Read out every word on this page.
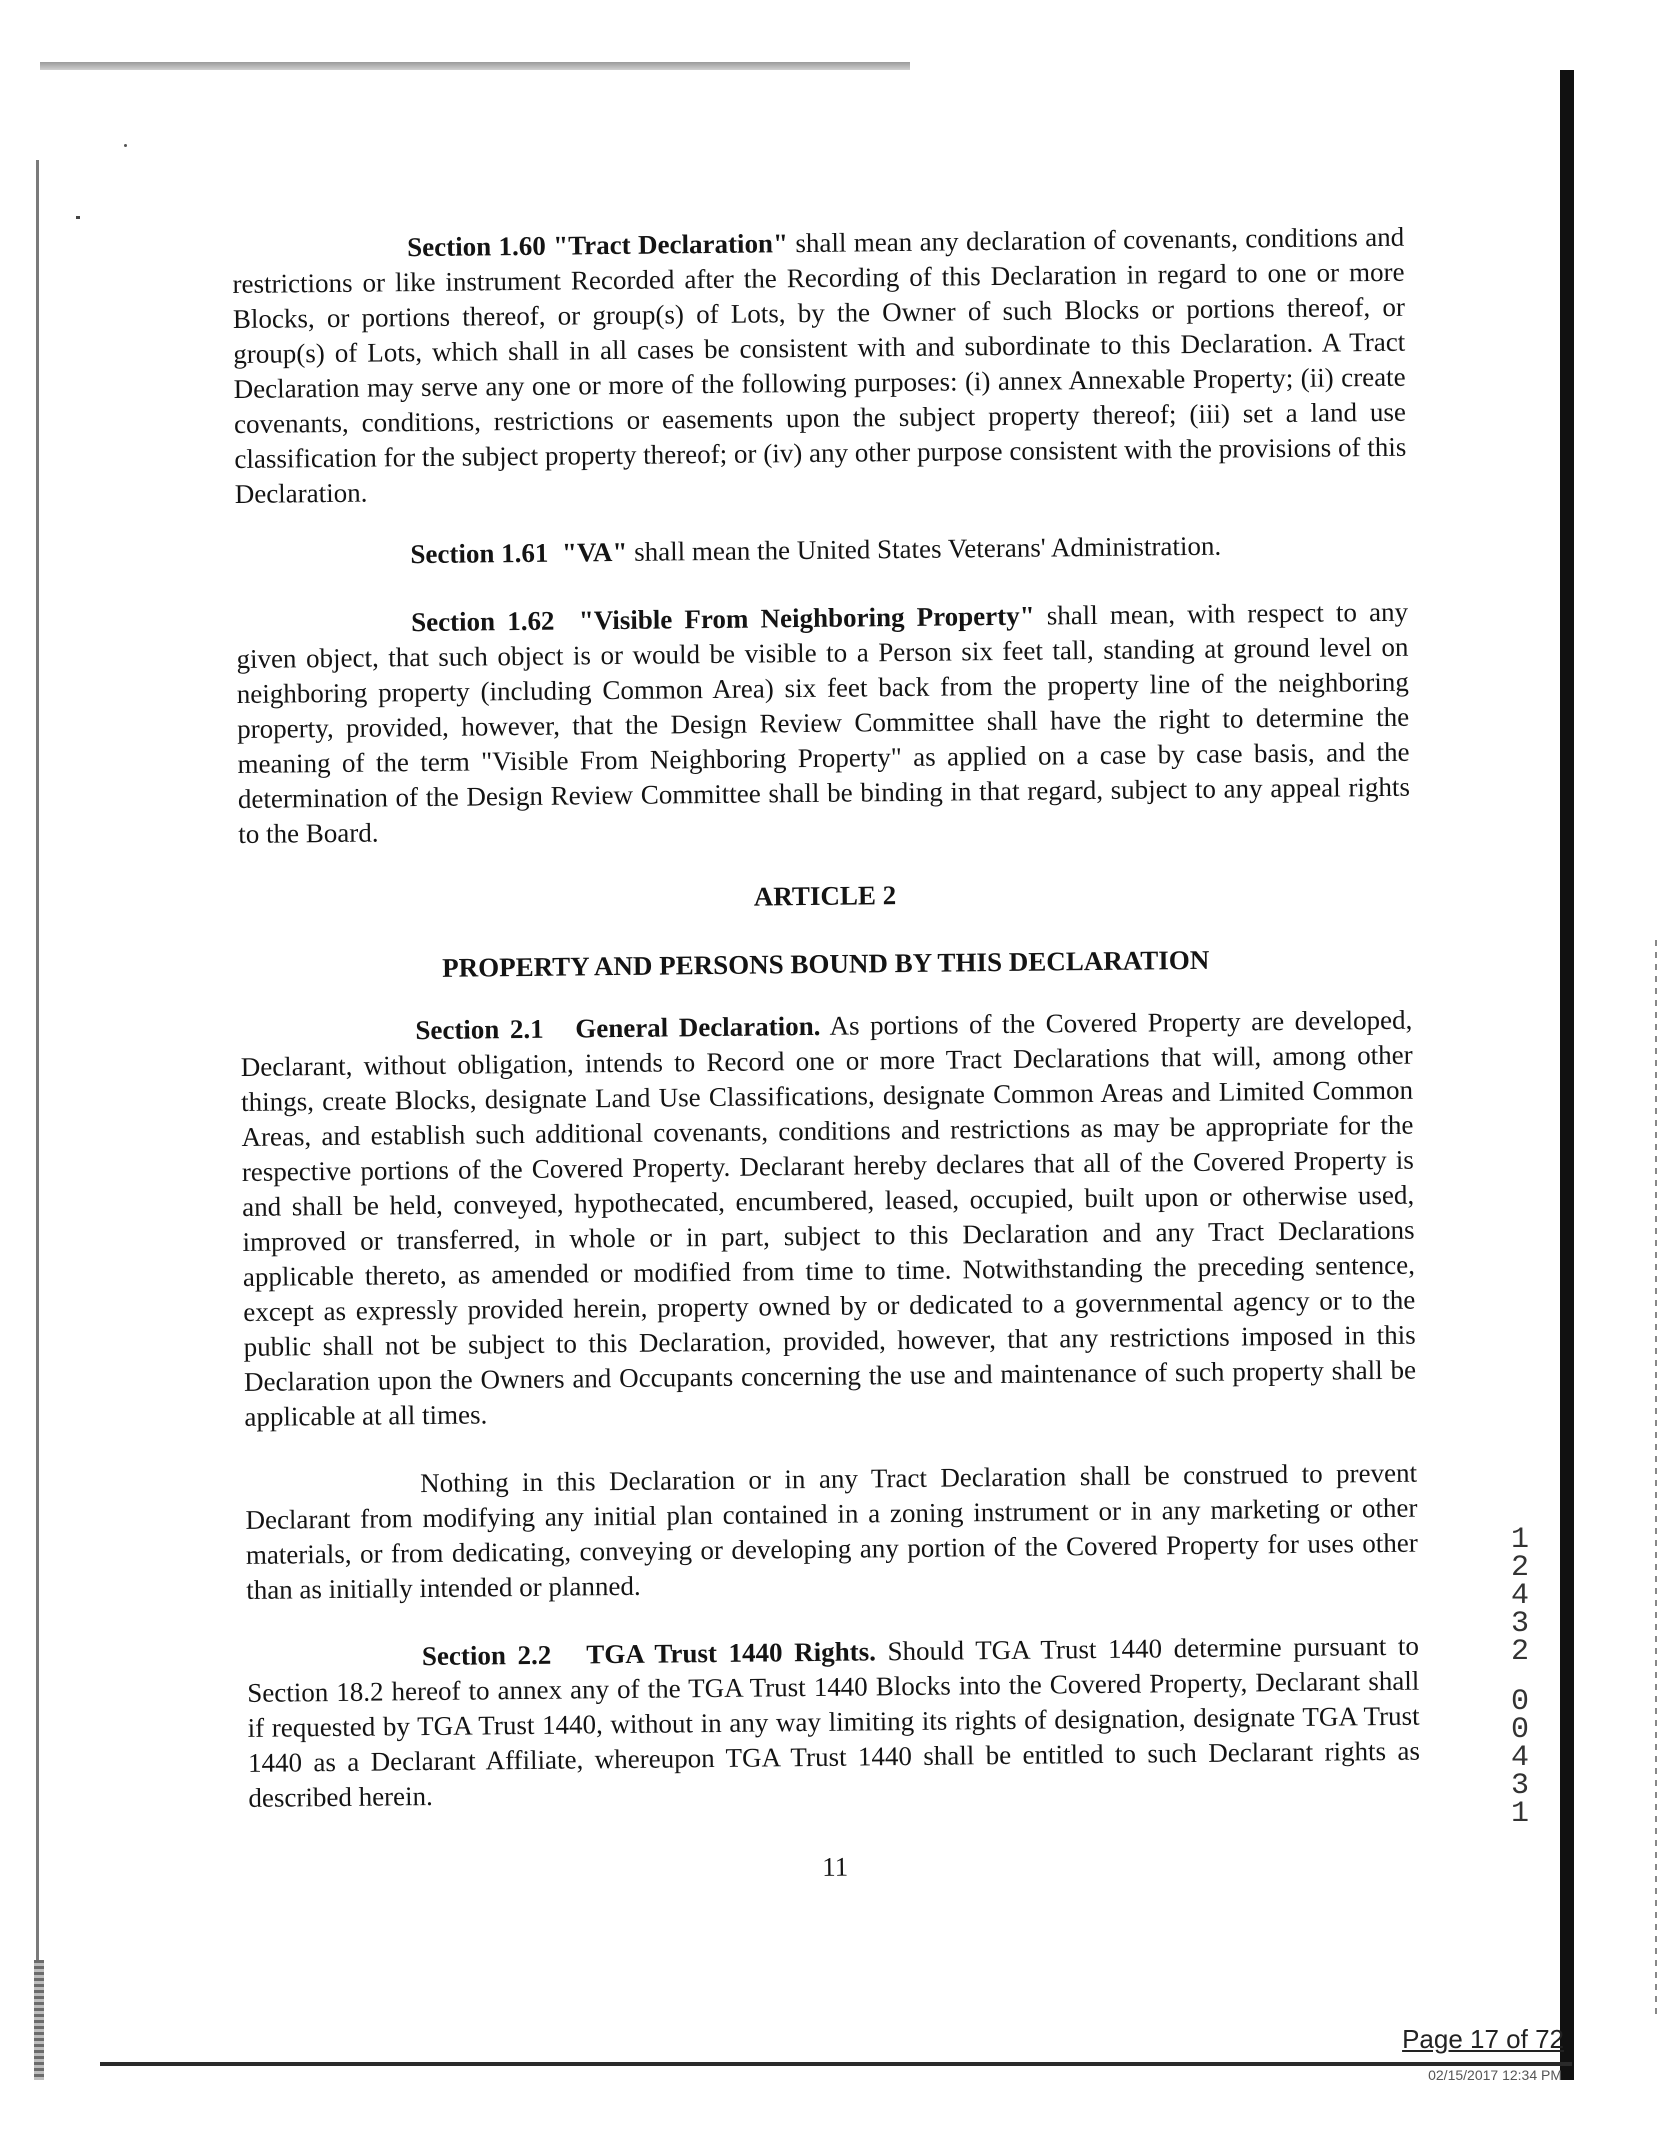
Section 1.60 "Tract Declaration" shall mean any declaration of covenants, conditions and restrictions or like instrument Recorded after the Recording of this Declaration in regard to one or more Blocks, or portions thereof, or group(s) of Lots, by the Owner of such Blocks or portions thereof, or group(s) of Lots, which shall in all cases be consistent with and subordinate to this Declaration. A Tract Declaration may serve any one or more of the following purposes: (i) annex Annexable Property; (ii) create covenants, conditions, restrictions or easements upon the subject property thereof; (iii) set a land use classification for the subject property thereof; or (iv) any other purpose consistent with the provisions of this Declaration.

Section 1.61 "VA" shall mean the United States Veterans' Administration.

Section 1.62 "Visible From Neighboring Property" shall mean, with respect to any given object, that such object is or would be visible to a Person six feet tall, standing at ground level on neighboring property (including Common Area) six feet back from the property line of the neighboring property, provided, however, that the Design Review Committee shall have the right to determine the meaning of the term "Visible From Neighboring Property" as applied on a case by case basis, and the determination of the Design Review Committee shall be binding in that regard, subject to any appeal rights to the Board.

ARTICLE 2

PROPERTY AND PERSONS BOUND BY THIS DECLARATION

Section 2.1 General Declaration. As portions of the Covered Property are developed, Declarant, without obligation, intends to Record one or more Tract Declarations that will, among other things, create Blocks, designate Land Use Classifications, designate Common Areas and Limited Common Areas, and establish such additional covenants, conditions and restrictions as may be appropriate for the respective portions of the Covered Property. Declarant hereby declares that all of the Covered Property is and shall be held, conveyed, hypothecated, encumbered, leased, occupied, built upon or otherwise used, improved or transferred, in whole or in part, subject to this Declaration and any Tract Declarations applicable thereto, as amended or modified from time to time. Notwithstanding the preceding sentence, except as expressly provided herein, property owned by or dedicated to a governmental agency or to the public shall not be subject to this Declaration, provided, however, that any restrictions imposed in this Declaration upon the Owners and Occupants concerning the use and maintenance of such property shall be applicable at all times.

Nothing in this Declaration or in any Tract Declaration shall be construed to prevent Declarant from modifying any initial plan contained in a zoning instrument or in any marketing or other materials, or from dedicating, conveying or developing any portion of the Covered Property for uses other than as initially intended or planned.

Section 2.2 TGA Trust 1440 Rights. Should TGA Trust 1440 determine pursuant to Section 18.2 hereof to annex any of the TGA Trust 1440 Blocks into the Covered Property, Declarant shall if requested by TGA Trust 1440, without in any way limiting its rights of designation, designate TGA Trust 1440 as a Declarant Affiliate, whereupon TGA Trust 1440 shall be entitled to such Declarant rights as described herein.

11

1
2
4
3
2
0
0
4
3
1
Page 17 of 72
02/15/2017 12:34 PM
